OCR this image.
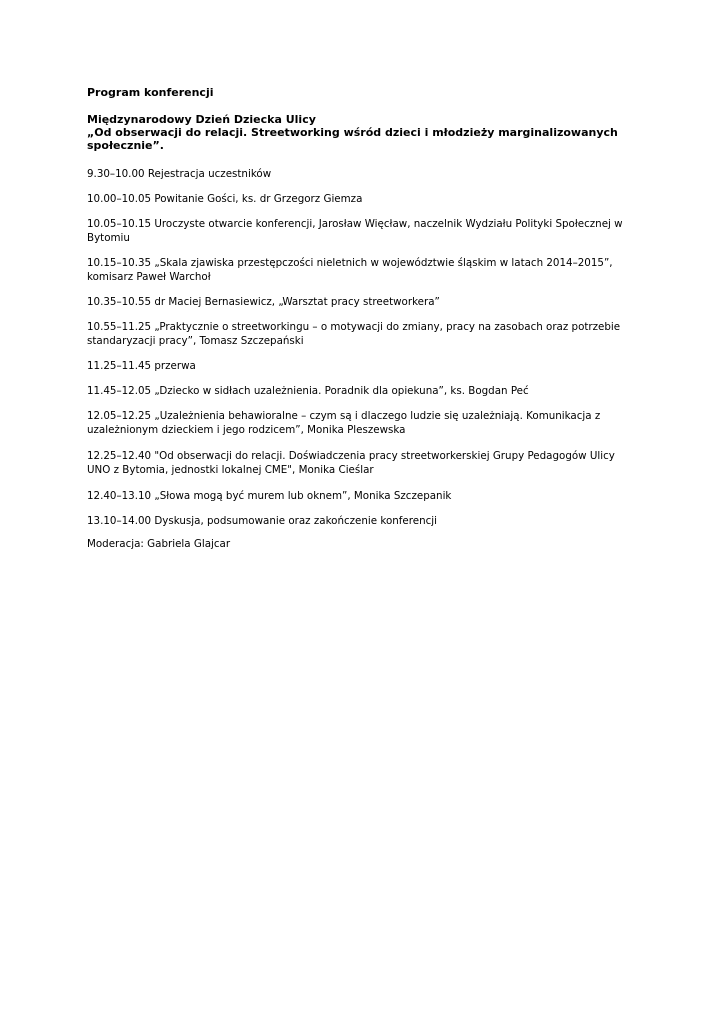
Program konferencji

Międzynarodowy Dzień Dziecka Ulicy

„Od obserwacji do relacji. Streetworking wśród dzieci i młodzieży marginalizowanych społecznie”.

9.30–10.00 Rejestracja uczestników
10.00–10.05 Powitanie Gości, ks. dr Grzegorz Giemza
10.05–10.15 Uroczyste otwarcie konferencji, Jarosław Więcław, naczelnik Wydziału Polityki Społecznej w Bytomiu
10.15–10.35 „Skala zjawiska przestępczości nieletnich w województwie śląskim w latach 2014–2015”, komisarz Paweł Warchoł
10.35–10.55 dr Maciej Bernasiewicz, „Warsztat pracy streetworkera”
10.55–11.25 „Praktycznie o streetworkingu – o motywacji do zmiany, pracy na zasobach oraz potrzebie standaryzacji pracy”, Tomasz Szczepański
11.25–11.45 przerwa
11.45–12.05 „Dziecko w sidłach uzależnienia. Poradnik dla opiekuna”, ks. Bogdan Peć
12.05–12.25 „Uzależnienia behawioralne – czym są i dlaczego ludzie się uzależniają. Komunikacja z uzależnionym dzieckiem i jego rodzicem”, Monika Pleszewska
12.25–12.40 "Od obserwacji do relacji. Doświadczenia pracy streetworkerskiej Grupy Pedagogów Ulicy UNO z Bytomia, jednostki lokalnej CME", Monika Cieślar
12.40–13.10 „Słowa mogą być murem lub oknem”, Monika Szczepanik
13.10–14.00 Dyskusja, podsumowanie oraz zakończenie konferencji

Moderacja: Gabriela Glajcar
